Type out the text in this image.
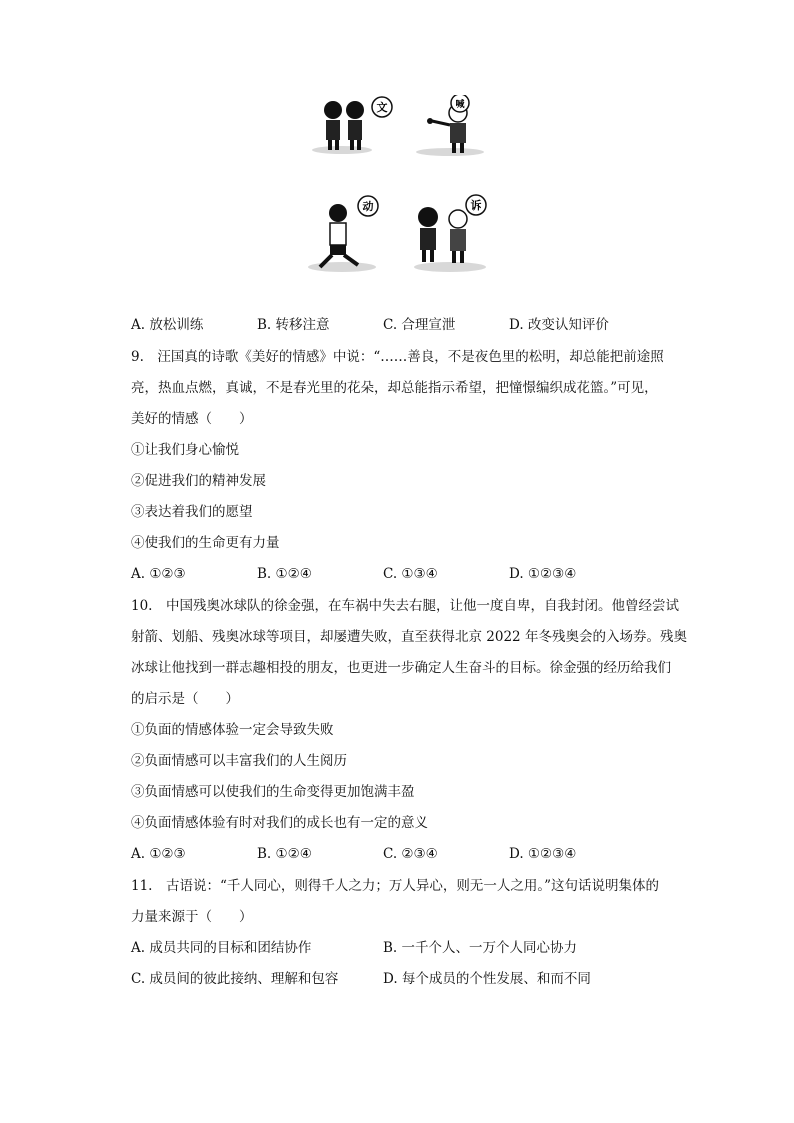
文	喊
动	诉
A. 放松训练	B. 转移注意	C. 合理宣泄	D. 改变认知评价
9.　汪国真的诗歌《美好的情感》中说：“……善良，不是夜色里的松明，却总能把前途照
亮，热血点燃，真诚，不是春光里的花朵，却总能指示希望，把憧憬编织成花篮。”可见，
美好的情感（　　）
①让我们身心愉悦
②促进我们的精神发展
③表达着我们的愿望
④使我们的生命更有力量
A. ①②③	B. ①②④	C. ①③④	D. ①②③④
10.　中国残奥冰球队的徐金强，在车祸中失去右腿，让他一度自卑，自我封闭。他曾经尝试
射箭、划船、残奥冰球等项目，却屡遭失败，直至获得北京 2022 年冬残奥会的入场券。残奥
冰球让他找到一群志趣相投的朋友，也更进一步确定人生奋斗的目标。徐金强的经历给我们
的启示是（　　）
①负面的情感体验一定会导致失败
②负面情感可以丰富我们的人生阅历
③负面情感可以使我们的生命变得更加饱满丰盈
④负面情感体验有时对我们的成长也有一定的意义
A. ①②③	B. ①②④	C. ②③④	D. ①②③④
11.　古语说：“千人同心，则得千人之力；万人异心，则无一人之用。”这句话说明集体的
力量来源于（　　）
A. 成员共同的目标和团结协作	B. 一千个人、一万个人同心协力
C. 成员间的彼此接纳、理解和包容	D. 每个成员的个性发展、和而不同
